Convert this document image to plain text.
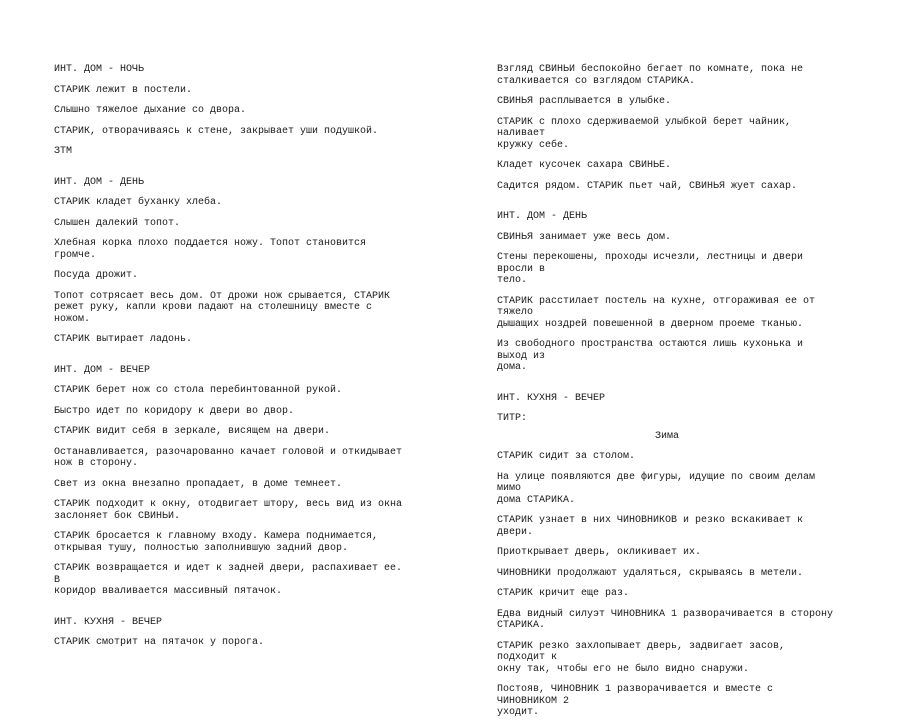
ИНТ. ДОМ - НОЧЬ
СТАРИК лежит в постели.
Слышно тяжелое дыхание со двора.
СТАРИК, отворачиваясь к стене, закрывает уши подушкой.
ЗТМ
ИНТ. ДОМ - ДЕНЬ
СТАРИК кладет буханку хлеба.
Слышен далекий топот.
Хлебная корка плохо поддается ножу. Топот становится громче.
Посуда дрожит.
Топот сотрясает весь дом. От дрожи нож срывается, СТАРИК
режет руку, капли крови падают на столешницу вместе с ножом.
СТАРИК вытирает ладонь.
ИНТ. ДОМ - ВЕЧЕР
СТАРИК берет нож со стола перебинтованной рукой.
Быстро идет по коридору к двери во двор.
СТАРИК видит себя в зеркале, висящем на двери.
Останавливается, разочарованно качает головой и откидывает
нож в сторону.
Свет из окна внезапно пропадает, в доме темнеет.
СТАРИК подходит к окну, отодвигает штору, весь вид из окна
заслоняет бок СВИНЬИ.
СТАРИК бросается к главному входу. Камера поднимается,
открывая тушу, полностью заполнившую задний двор.
СТАРИК возвращается и идет к задней двери, распахивает ее. В
коридор вваливается массивный пятачок.
ИНТ. КУХНЯ - ВЕЧЕР
СТАРИК смотрит на пятачок у порога.
Взгляд СВИНЬИ беспокойно бегает по комнате, пока не
сталкивается со взглядом СТАРИКА.
СВИНЬЯ расплывается в улыбке.
СТАРИК с плохо сдерживаемой улыбкой берет чайник, наливает
кружку себе.
Кладет кусочек сахара СВИНЬЕ.
Садится рядом. СТАРИК пьет чай, СВИНЬЯ жует сахар.
ИНТ. ДОМ - ДЕНЬ
СВИНЬЯ занимает уже весь дом.
Стены перекошены, проходы исчезли, лестницы и двери вросли в
тело.
СТАРИК расстилает постель на кухне, отгораживая ее от тяжело
дышащих ноздрей повешенной в дверном проеме тканью.
Из свободного пространства остаются лишь кухонька и выход из
дома.
ИНТ. КУХНЯ - ВЕЧЕР
ТИТР:
Зима
СТАРИК сидит за столом.
На улице появляются две фигуры, идущие по своим делам мимо
дома СТАРИКА.
СТАРИК узнает в них ЧИНОВНИКОВ и резко вскакивает к двери.
Приоткрывает дверь, окликивает их.
ЧИНОВНИКИ продолжают удаляться, скрываясь в метели.
СТАРИК кричит еще раз.
Едва видный силуэт ЧИНОВНИКА 1 разворачивается в сторону
СТАРИКА.
СТАРИК резко захлопывает дверь, задвигает засов, подходит к
окну так, чтобы его не было видно снаружи.
Постояв, ЧИНОВНИК 1 разворачивается и вместе с ЧИНОВНИКОМ 2
уходит.
